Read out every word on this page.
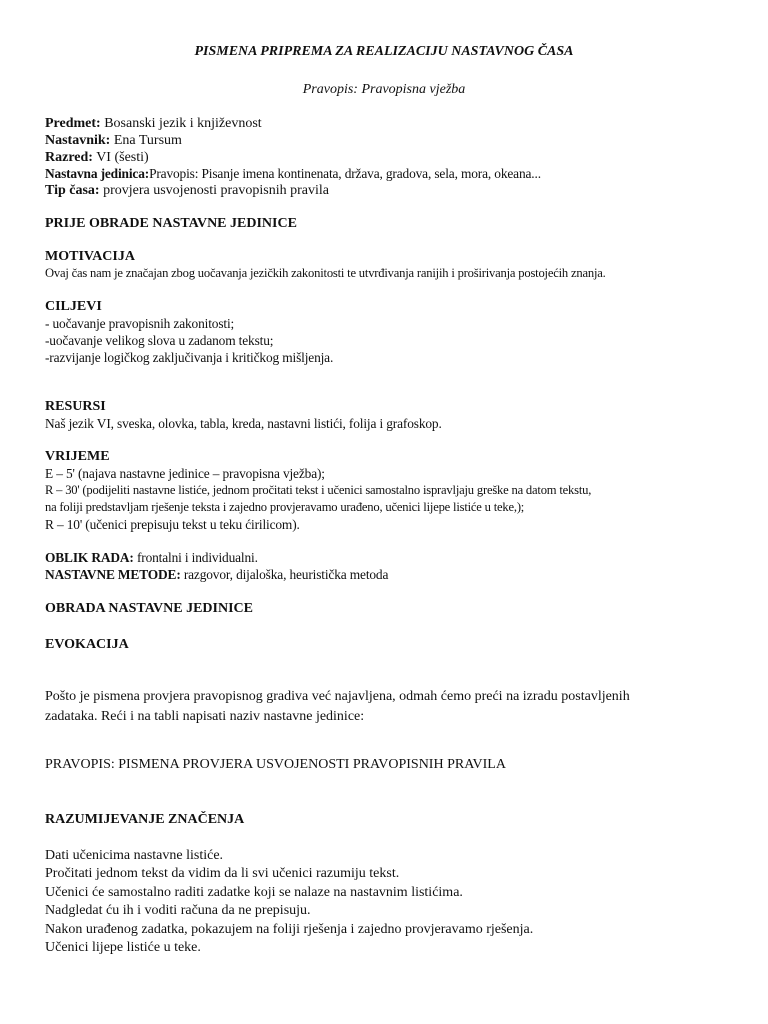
PISMENA PRIPREMA ZA REALIZACIJU NASTAVNOG ČASA
Pravopis: Pravopisna vježba
Predmet: Bosanski jezik i književnost
Nastavnik: Ena Tursum
Razred: VI (šesti)
Nastavna jedinica:Pravopis: Pisanje imena kontinenata, država, gradova, sela, mora, okeana...
Tip časa: provjera usvojenosti pravopisnih pravila
PRIJE OBRADE NASTAVNE JEDINICE
MOTIVACIJA
Ovaj čas nam je značajan zbog uočavanja jezičkih zakonitosti te utvrđivanja ranijih i proširivanja postojećih znanja.
CILJEVI
- uočavanje pravopisnih zakonitosti;
-uočavanje velikog slova u zadanom tekstu;
-razvijanje logičkog zaključivanja i kritičkog mišljenja.
RESURSI
Naš jezik VI, sveska, olovka, tabla, kreda, nastavni listići, folija i grafoskop.
VRIJEME
E – 5' (najava nastavne jedinice – pravopisna vježba);
R – 30' (podijeliti nastavne listiće, jednom pročitati tekst i učenici samostalno ispravljaju greške na datom tekstu,
na foliji predstavljam rješenje teksta i zajedno provjeravamo urađeno, učenici lijepe listiće u teke,);
R – 10' (učenici prepisuju tekst u teku ćirilicom).
OBLIK RADA: frontalni i individualni.
NASTAVNE METODE: razgovor, dijaloška, heuristička metoda
OBRADA NASTAVNE JEDINICE
EVOKACIJA
Pošto je pismena provjera pravopisnog gradiva već najavljena, odmah ćemo preći na izradu postavljenih
zadataka. Reći i na tabli napisati naziv nastavne jedinice:
PRAVOPIS: PISMENA PROVJERA USVOJENOSTI PRAVOPISNIH PRAVILA
RAZUMIJEVANJE ZNAČENJA
Dati učenicima nastavne listiće.
Pročitati jednom tekst da vidim da li svi učenici razumiju tekst.
Učenici će samostalno raditi zadatke koji se nalaze na nastavnim listićima.
Nadgledat ću ih i voditi računa da ne prepisuju.
Nakon urađenog zadatka, pokazujem na foliji rješenja i zajedno provjeravamo rješenja.
Učenici lijepe listiće u teke.
